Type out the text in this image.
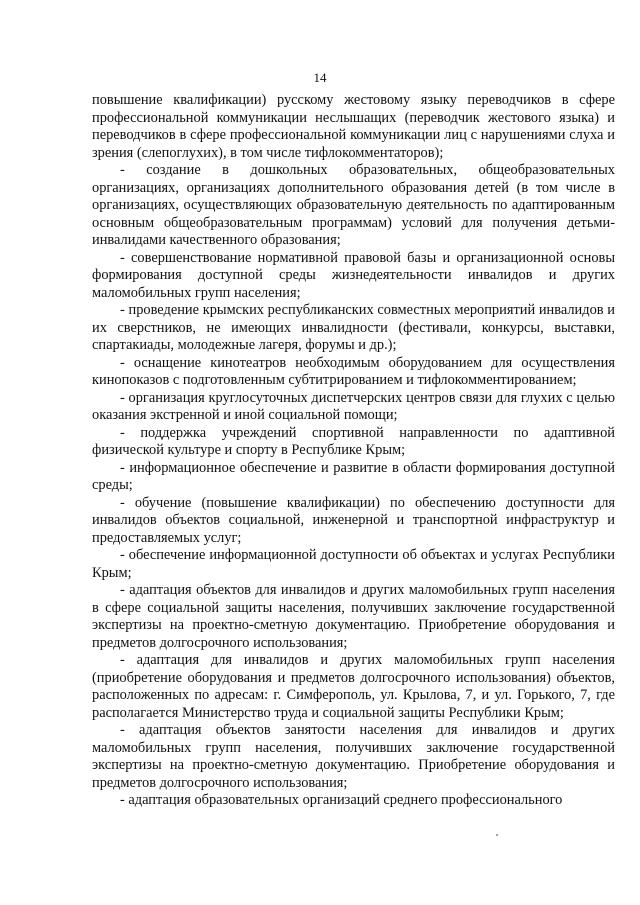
14

повышение квалификации) русскому жестовому языку переводчиков в сфере профессиональной коммуникации неслышащих (переводчик жестового языка) и переводчиков в сфере профессиональной коммуникации лиц с нарушениями слуха и зрения (слепоглухих), в том числе тифлокомментаторов);

- создание в дошкольных образовательных, общеобразовательных организациях, организациях дополнительного образования детей (в том числе в организациях, осуществляющих образовательную деятельность по адаптированным основным общеобразовательным программам) условий для получения детьми-инвалидами качественного образования;

- совершенствование нормативной правовой базы и организационной основы формирования доступной среды жизнедеятельности инвалидов и других маломобильных групп населения;

- проведение крымских республиканских совместных мероприятий инвалидов и их сверстников, не имеющих инвалидности (фестивали, конкурсы, выставки, спартакиады, молодежные лагеря, форумы и др.);

- оснащение кинотеатров необходимым оборудованием для осуществления кинопоказов с подготовленным субтитрированием и тифлокомментированием;

- организация круглосуточных диспетчерских центров связи для глухих с целью оказания экстренной и иной социальной помощи;

- поддержка учреждений спортивной направленности по адаптивной физической культуре и спорту в Республике Крым;

- информационное обеспечение и развитие в области формирования доступной среды;

- обучение (повышение квалификации) по обеспечению доступности для инвалидов объектов социальной, инженерной и транспортной инфраструктур и предоставляемых услуг;

- обеспечение информационной доступности об объектах и услугах Республики Крым;

- адаптация объектов для инвалидов и других маломобильных групп населения в сфере социальной защиты населения, получивших заключение государственной экспертизы на проектно-сметную документацию. Приобретение оборудования и предметов долгосрочного использования;

- адаптация для инвалидов и других маломобильных групп населения (приобретение оборудования и предметов долгосрочного использования) объектов, расположенных по адресам: г. Симферополь, ул. Крылова, 7, и ул. Горького, 7, где располагается Министерство труда и социальной защиты Республики Крым;

- адаптация объектов занятости населения для инвалидов и других маломобильных групп населения, получивших заключение государственной экспертизы на проектно-сметную документацию. Приобретение оборудования и предметов долгосрочного использования;

- адаптация образовательных организаций среднего профессионального
